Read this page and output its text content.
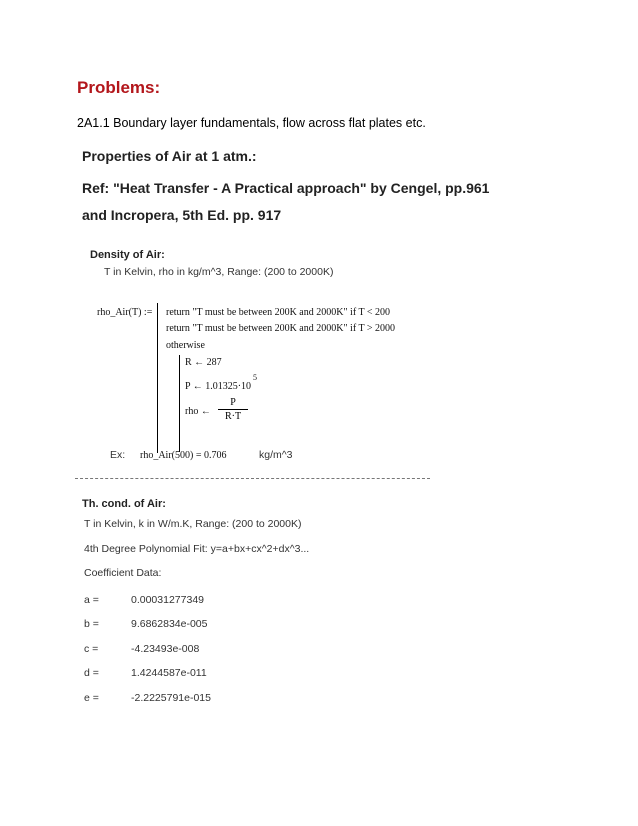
Problems:
2A1.1 Boundary layer fundamentals, flow across flat plates etc.
Properties of Air at 1 atm.:
Ref: "Heat Transfer - A Practical approach" by Cengel, pp.961
and Incropera, 5th Ed. pp. 917
Density of Air:
T in Kelvin, rho in kg/m^3, Range: (200 to 2000K)
rho_Air(T) := return "T must be between 200K and 2000K" if T < 200
return "T must be between 200K and 2000K" if T > 2000
otherwise
R ← 287
P ← 1.01325·10
5
rho ←
P
R·T
Ex: rho_Air(500) = 0.706	kg/m^3
Th. cond. of Air:
T in Kelvin, k in W/m.K, Range: (200 to 2000K)
4th Degree Polynomial Fit: y=a+bx+cx^2+dx^3...
Coefficient Data:
a =	0.00031277349
b =	9.6862834e-005
c =	-4.23493e-008
d =	1.4244587e-011
e =	-2.2225791e-015
